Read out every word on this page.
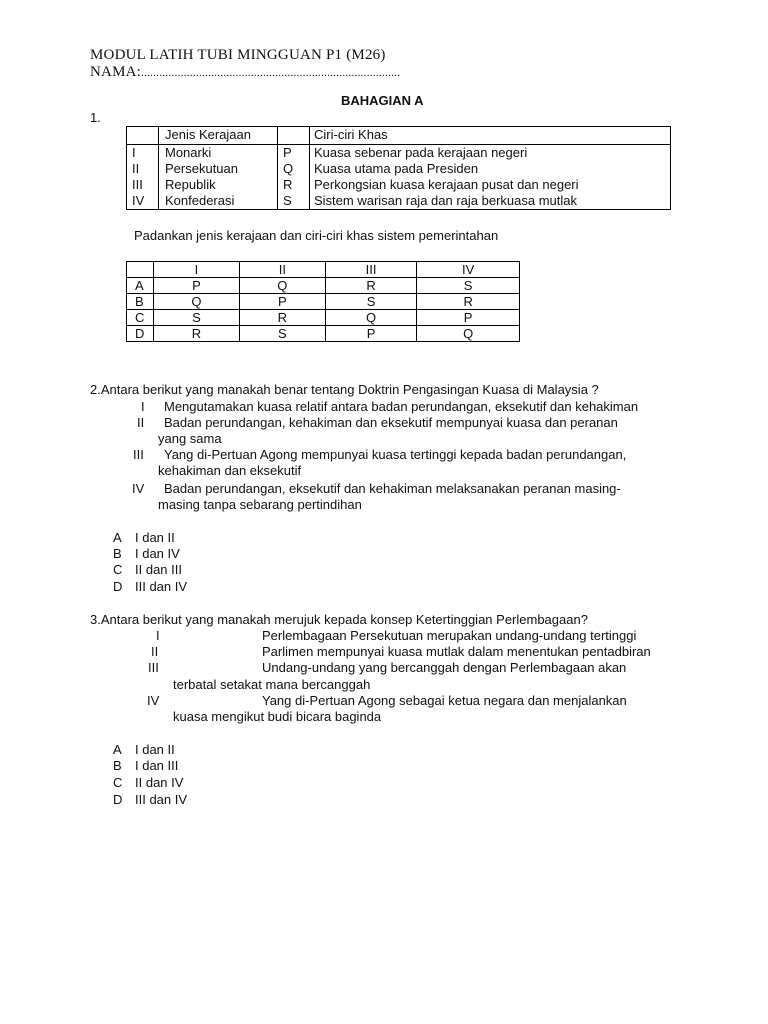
MODUL LATIH TUBI MINGGUAN P1 (M26)
NAMA:.....................................................................................
BAHAGIAN A
1.
	Jenis Kerajaan		Ciri-ciri Khas
I	Monarki	P	Kuasa sebenar pada kerajaan negeri
II	Persekutuan	Q	Kuasa utama pada Presiden
III	Republik	R	Perkongsian kuasa kerajaan pusat dan negeri
IV	Konfederasi	S	Sistem warisan raja dan raja berkuasa mutlak
Padankan jenis kerajaan dan ciri-ciri khas sistem pemerintahan
	I	II	III	IV
A	P	Q	R	S
B	Q	P	S	R
C	S	R	Q	P
D	R	S	P	Q
2.Antara berikut yang manakah benar tentang Doktrin Pengasingan Kuasa di Malaysia ?
I Mengutamakan kuasa relatif antara badan perundangan, eksekutif dan kehakiman
II Badan perundangan, kehakiman dan eksekutif mempunyai kuasa dan peranan
yang sama
III Yang di-Pertuan Agong mempunyai kuasa tertinggi kepada badan perundangan,
kehakiman dan eksekutif
IV Badan perundangan, eksekutif dan kehakiman melaksanakan peranan masing-
masing tanpa sebarang pertindihan
A I dan II
B I dan IV
C II dan III
D III dan IV
3.Antara berikut yang manakah merujuk kepada konsep Ketertinggian Perlembagaan?
I	Perlembagaan Persekutuan merupakan undang-undang tertinggi
II	Parlimen mempunyai kuasa mutlak dalam menentukan pentadbiran
III	Undang-undang yang bercanggah dengan Perlembagaan akan
terbatal setakat mana bercanggah
IV	Yang di-Pertuan Agong sebagai ketua negara dan menjalankan
kuasa mengikut budi bicara baginda
A I dan II
B I dan III
C II dan IV
D III dan IV
